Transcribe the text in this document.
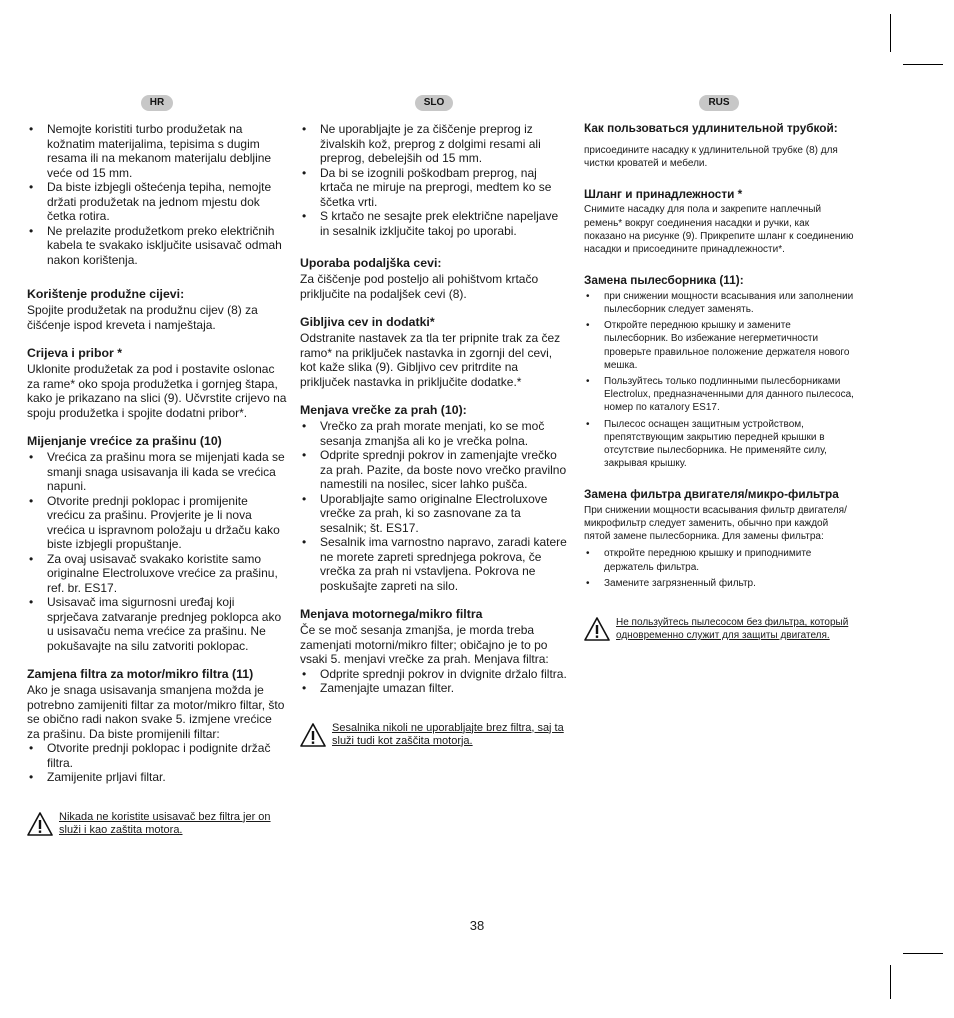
HR
• Nemojte koristiti turbo produžetak na kožnatim materijalima, tepisima s dugim resama ili na mekanom materijalu debljine veće od 15 mm.
• Da biste izbjegli oštećenja tepiha, nemojte držati produžetak na jednom mjestu dok četka rotira.
• Ne prelazite produžetkom preko električnih kabela te svakako isključite usisavač odmah nakon korištenja.
Korištenje produžne cijevi:

Spojite produžetak na produžnu cijev (8) za čišćenje ispod kreveta i namještaja.

Crijeva i pribor *

Uklonite produžetak za pod i postavite oslonac za rame* oko spoja produžetka i gornjeg štapa, kako je prikazano na slici (9). Učvrstite crijevo na spoju produžetka i spojite dodatni pribor*.

Mijenjanje vrećice za prašinu (10)
• Vrećica za prašinu mora se mijenjati kada se smanji snaga usisavanja ili kada se vrećica napuni.
• Otvorite prednji poklopac i promijenite vrećicu za prašinu. Provjerite je li nova vrećica u ispravnom položaju u držaču kako biste izbjegli propuštanje.
• Za ovaj usisavač svakako koristite samo originalne Electroluxove vrećice za prašinu, ref. br. ES17.
• Usisavač ima sigurnosni uređaj koji sprječava zatvaranje prednjeg poklopca ako u usisavaču nema vrećice za prašinu. Ne pokušavajte na silu zatvoriti poklopac.
Zamjena filtra za motor/mikro filtra (11)

Ako je snaga usisavanja smanjena možda je potrebno zamijeniti filtar za motor/mikro filtar, što se obično radi nakon svake 5. izmjene vrećice za prašinu. Da biste promijenili filtar:

• Otvorite prednji poklopac i podignite držač filtra.
• Zamijenite prljavi filtar.
Nikada ne koristite usisavač bez filtra jer on služi i kao zaštita motora.
SLO
• Ne uporabljajte je za čiščenje preprog iz živalskih kož, preprog z dolgimi resami ali preprog, debelejših od 15 mm.
• Da bi se izognili poškodbam preprog, naj krtača ne miruje na preprogi, medtem ko se ščetka vrti.
• S krtačo ne sesajte prek električne napeljave in sesalnik izključite takoj po uporabi.
Uporaba podaljška cevi:

Za čiščenje pod posteljo ali pohištvom krtačo priključite na podaljšek cevi (8).

Gibljiva cev in dodatki*

Odstranite nastavek za tla ter pripnite trak za čez ramo* na priključek nastavka in zgornji del cevi, kot kaže slika (9). Gibljivo cev pritrdite na priključek nastavka in priključite dodatke.*

Menjava vrečke za prah (10):
• Vrečko za prah morate menjati, ko se moč sesanja zmanjša ali ko je vrečka polna.
• Odprite sprednji pokrov in zamenjajte vrečko za prah. Pazite, da boste novo vrečko pravilno namestili na nosilec, sicer lahko pušča.
• Uporabljajte samo originalne Electroluxove vrečke za prah, ki so zasnovane za ta sesalnik; št. ES17.
• Sesalnik ima varnostno napravo, zaradi katere ne morete zapreti sprednjega pokrova, če vrečka za prah ni vstavljena. Pokrova ne poskušajte zapreti na silo.
Menjava motornega/mikro filtra

Če se moč sesanja zmanjša, je morda treba zamenjati motorni/mikro filter; običajno je to po vsaki 5. menjavi vrečke za prah. Menjava filtra:

• Odprite sprednji pokrov in dvignite držalo filtra.
• Zamenjajte umazan filter.
Sesalnika nikoli ne uporabljajte brez filtra, saj ta služi tudi kot zaščita motorja.
RUS
Как пользоваться удлинительной трубкой:

присоедините насадку к удлинительной трубке (8) для чистки кроватей и мебели.

Шланг и принадлежности *

Снимите насадку для пола и закрепите наплечный ремень* вокруг соединения насадки и ручки, как показано на рисунке (9). Прикрепите шланг к соединению насадки и присоедините принадлежности*.

Замена пылесборника (11):
• при снижении мощности всасывания или заполнении пылесборник следует заменять.
• Откройте переднюю крышку и замените пылесборник. Во избежание негерметичности проверьте правильное положение держателя нового мешка.
• Пользуйтесь только подлинными пылесборниками Electrolux, предназначенными для данного пылесоса, номер по каталогу ES17.
• Пылесос оснащен защитным устройством, препятствующим закрытию передней крышки в отсутствие пылесборника. Не применяйте силу, закрывая крышку.
Замена фильтра двигателя/микро-фильтра

При снижении мощности всасывания фильтр двигателя/микрофильтр следует заменить, обычно при каждой пятой замене пылесборника. Для замены фильтра:

• откройте переднюю крышку и приподнимите держатель фильтра.
• Замените загрязненный фильтр.
Не пользуйтесь пылесосом без фильтра, который одновременно служит для защиты двигателя.
38
